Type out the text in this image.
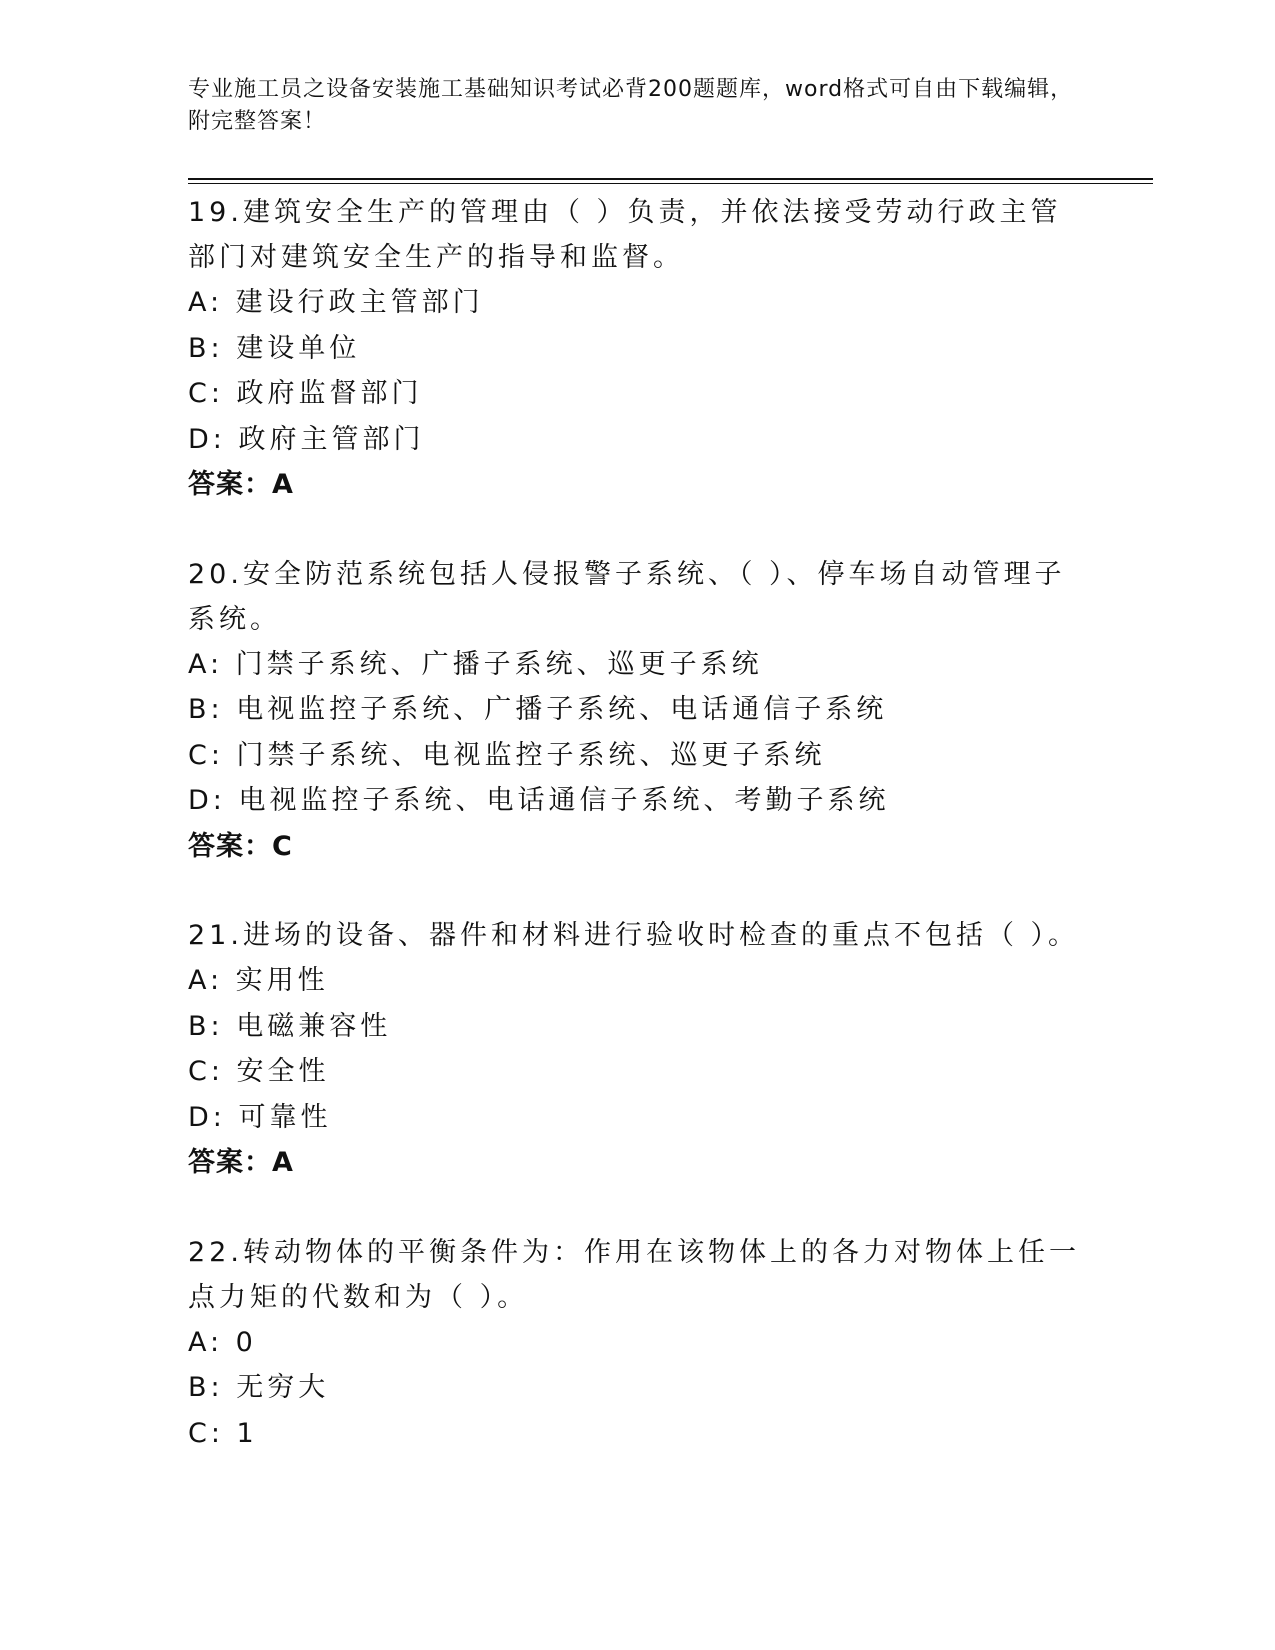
专业施工员之设备安装施工基础知识考试必背200题题库，word格式可自由下载编辑，附完整答案！

19.建筑安全生产的管理由（ ）负责，并依法接受劳动行政主管部门对建筑安全生产的指导和监督。

A: 建设行政主管部门

B: 建设单位

C: 政府监督部门

D: 政府主管部门

答案：A

20.安全防范系统包括人侵报警子系统、（ ）、停车场自动管理子系统。

A: 门禁子系统、广播子系统、巡更子系统

B: 电视监控子系统、广播子系统、电话通信子系统

C: 门禁子系统、电视监控子系统、巡更子系统

D: 电视监控子系统、电话通信子系统、考勤子系统

答案：C

21.进场的设备、器件和材料进行验收时检查的重点不包括（ ）。

A: 实用性

B: 电磁兼容性

C: 安全性

D: 可靠性

答案：A

22.转动物体的平衡条件为：作用在该物体上的各力对物体上任一点力矩的代数和为（ ）。

A: 0

B: 无穷大

C: 1
